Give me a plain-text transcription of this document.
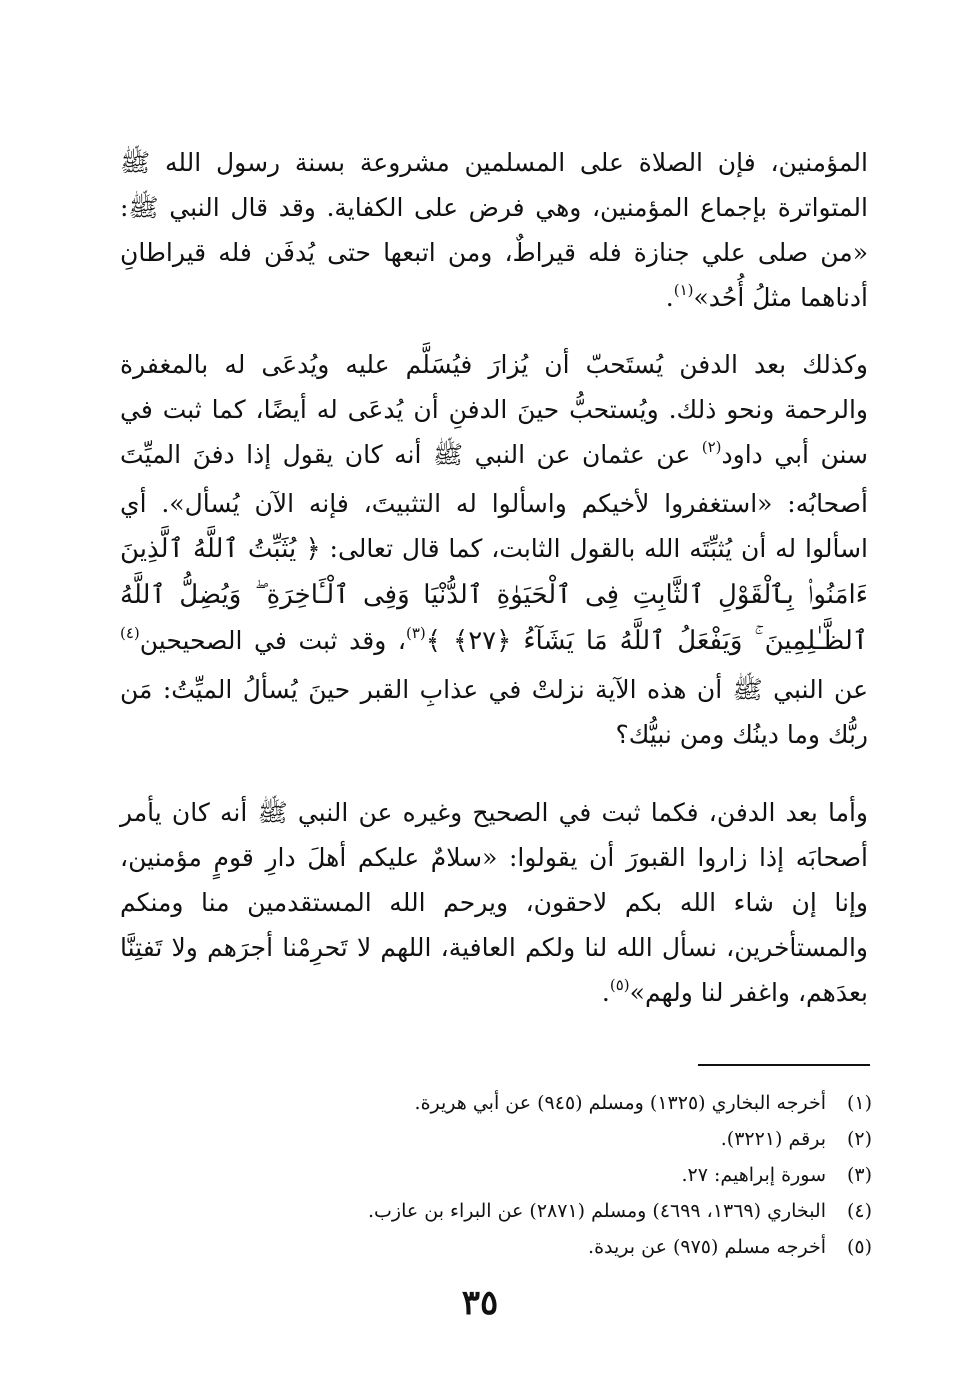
المؤمنين، فإن الصلاة على المسلمين مشروعة بسنة رسول الله ﷺ المتواترة بإجماع المؤمنين، وهي فرض على الكفاية. وقد قال النبي ﷺ: «من صلى علي جنازة فله قيراطٌ، ومن اتبعها حتى يُدفَن فله قيراطانِ أدناهما مثلُ أُحُد»$^{(١)}$.

وكذلك بعد الدفن يُستَحبّ أن يُزارَ فيُسَلَّم عليه ويُدعَى له بالمغفرة والرحمة ونحو ذلك. ويُستحبُّ حينَ الدفنِ أن يُدعَى له أيضًا، كما ثبت في سنن أبي داود$^{(٢)}$ عن عثمان عن النبي ﷺ أنه كان يقول إذا دفنَ الميِّتَ أصحابُه: «استغفروا لأخيكم واسألوا له التثبيتَ، فإنه الآن يُسأل». أي اسألوا له أن يُثبِّتَه الله بالقول الثابت، كما قال تعالى: ﴿ يُثَبِّتُ ٱللَّهُ ٱلَّذِينَ ءَامَنُوا۟ بِٱلْقَوْلِ ٱلثَّابِتِ فِى ٱلْحَيَوٰةِ ٱلدُّنْيَا وَفِى ٱلْـَٔاخِرَةِ ۖ وَيُضِلُّ ٱللَّهُ ٱلظَّـٰلِمِينَ ۚ وَيَفْعَلُ ٱللَّهُ مَا يَشَآءُ ﴿٢٧﴾ ﴾$^{(٣)}$، وقد ثبت في الصحيحين$^{(٤)}$ عن النبي ﷺ أن هذه الآية نزلتْ في عذابِ القبر حينَ يُسألُ الميِّتُ: مَن ربُّك وما دينُك ومن نبيُّك؟

وأما بعد الدفن، فكما ثبت في الصحيح وغيره عن النبي ﷺ أنه كان يأمر أصحابَه إذا زاروا القبورَ أن يقولوا: «سلامٌ عليكم أهلَ دارِ قومٍ مؤمنين، وإنا إن شاء الله بكم لاحقون، ويرحم الله المستقدمين منا ومنكم والمستأخرين، نسأل الله لنا ولكم العافية، اللهم لا تَحرِمْنا أجرَهم ولا تَفتِنَّا بعدَهم، واغفر لنا ولهم»$^{(٥)}$.

(١)أخرجه البخاري (١٣٢٥) ومسلم (٩٤٥) عن أبي هريرة.
(٢)برقم (٣٢٢١).
(٣)سورة إبراهيم: ٢٧.
(٤)البخاري (١٣٦٩، ٤٦٩٩) ومسلم (٢٨٧١) عن البراء بن عازب.
(٥)أخرجه مسلم (٩٧٥) عن بريدة.
٣٥
